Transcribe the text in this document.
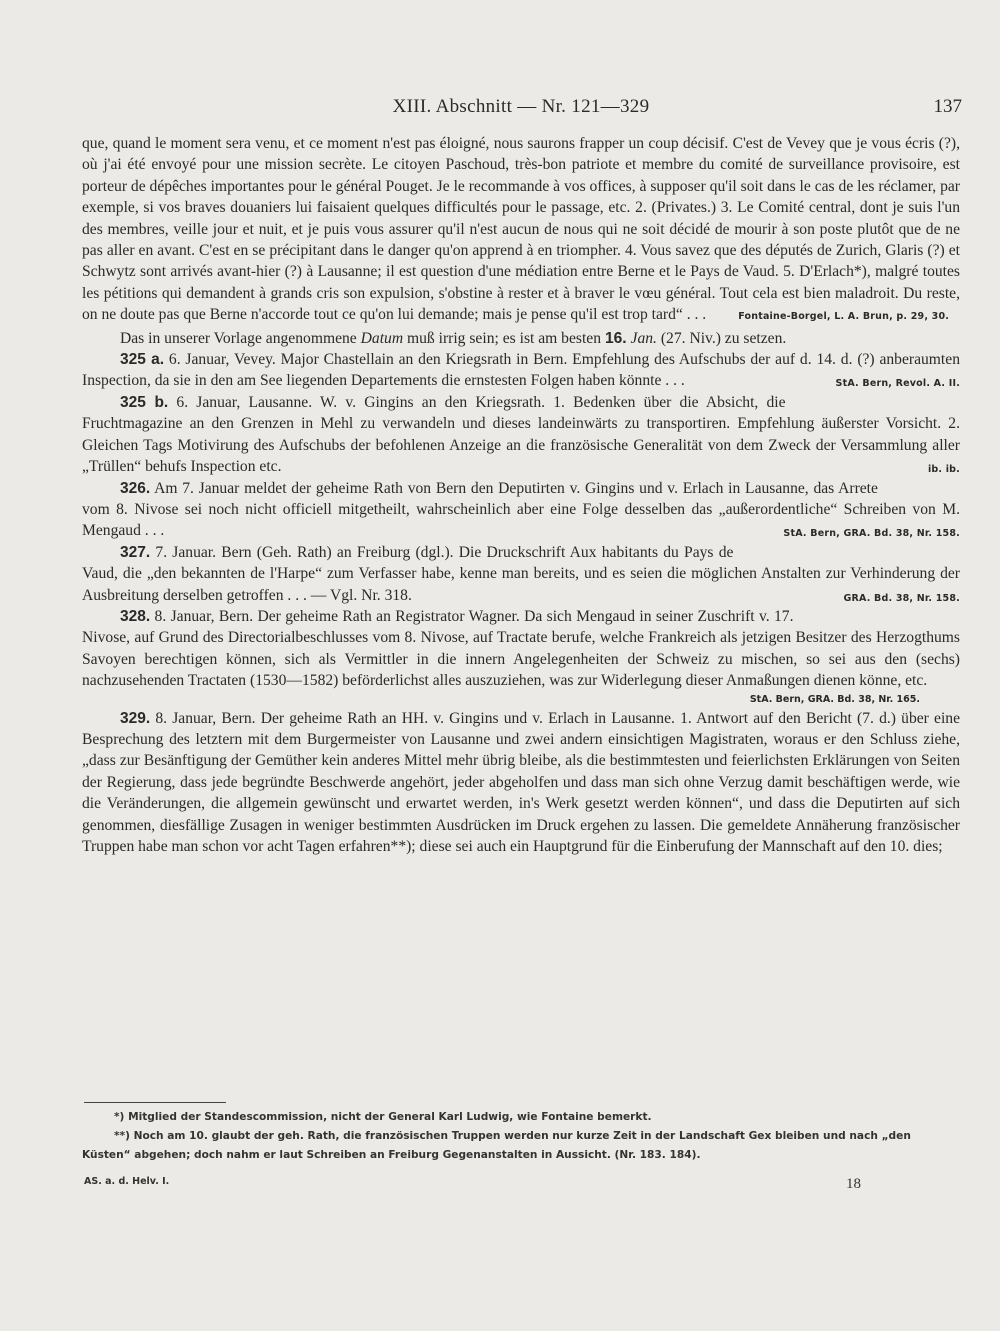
XIII. Abschnitt — Nr. 121—329	137

que, quand le moment sera venu, et ce moment n'est pas éloigné, nous saurons frapper un coup décisif. C'est de Vevey que je vous écris (?), où j'ai été envoyé pour une mission secrète. Le citoyen Paschoud, très-bon patriote et membre du comité de surveillance provisoire, est porteur de dépêches importantes pour le général Pouget. Je le recommande à vos offices, à supposer qu'il soit dans le cas de les réclamer, par exemple, si vos braves douaniers lui faisaient quelques difficultés pour le passage, etc. 2. (Privates.) 3. Le Comité central, dont je suis l'un des membres, veille jour et nuit, et je puis vous assurer qu'il n'est aucun de nous qui ne soit décidé de mourir à son poste plutôt que de ne pas aller en avant. C'est en se précipitant dans le danger qu'on apprend à en triompher. 4. Vous savez que des députés de Zurich, Glaris (?) et Schwytz sont arrivés avant-hier (?) à Lausanne; il est question d'une médiation entre Berne et le Pays de Vaud. 5. D'Erlach*), malgré toutes les pétitions qui demandent à grands cris son expulsion, s'obstine à rester et à braver le vœu général. Tout cela est bien maladroit. Du reste, on ne doute pas que Berne n'accorde tout ce qu'on lui demande; mais je pense qu'il est trop tard“ . . .	Fontaine-Borgel, L. A. Brun, p. 29, 30.

Das in unserer Vorlage angenommene Datum muß irrig sein; es ist am besten 16. Jan. (27. Niv.) zu setzen.

325 a. 6. Januar, Vevey. Major Chastellain an den Kriegsrath in Bern. Empfehlung des Aufschubs der auf d. 14. d. (?) anberaumten Inspection, da sie in den am See liegenden Departements die ernstesten Folgen haben könnte . . .	StA. Bern, Revol. A. II.

325 b. 6. Januar, Lausanne. W. v. Gingins an den Kriegsrath. 1. Bedenken über die Absicht, die Fruchtmagazine an den Grenzen in Mehl zu verwandeln und dieses landeinwärts zu transportiren. Empfehlung äußerster Vorsicht. 2. Gleichen Tags Motivirung des Aufschubs der befohlenen Anzeige an die französische Generalität von dem Zweck der Versammlung aller „Trüllen“ behufs Inspection etc.	ib. ib.

326. Am 7. Januar meldet der geheime Rath von Bern den Deputirten v. Gingins und v. Erlach in Lausanne, das Arrete vom 8. Nivose sei noch nicht officiell mitgetheilt, wahrscheinlich aber eine Folge desselben das „außerordentliche“ Schreiben von M. Mengaud . . .	StA. Bern, GRA. Bd. 38, Nr. 158.

327. 7. Januar. Bern (Geh. Rath) an Freiburg (dgl.). Die Druckschrift Aux habitants du Pays de Vaud, die „den bekannten de l'Harpe“ zum Verfasser habe, kenne man bereits, und es seien die möglichen Anstalten zur Verhinderung der Ausbreitung derselben getroffen . . . — Vgl. Nr. 318.	GRA. Bd. 38, Nr. 158.

328. 8. Januar, Bern. Der geheime Rath an Registrator Wagner. Da sich Mengaud in seiner Zuschrift v. 17. Nivose, auf Grund des Directorialbeschlusses vom 8. Nivose, auf Tractate berufe, welche Frankreich als jetzigen Besitzer des Herzogthums Savoyen berechtigen können, sich als Vermittler in die innern Angelegenheiten der Schweiz zu mischen, so sei aus den (sechs) nachzusehenden Tractaten (1530—1582) beförderlichst alles auszuziehen, was zur Widerlegung dieser Anmaßungen dienen könne, etc.

StA. Bern, GRA. Bd. 38, Nr. 165.

329. 8. Januar, Bern. Der geheime Rath an HH. v. Gingins und v. Erlach in Lausanne. 1. Antwort auf den Bericht (7. d.) über eine Besprechung des letztern mit dem Burgermeister von Lausanne und zwei andern einsichtigen Magistraten, woraus er den Schluss ziehe, „dass zur Besänftigung der Gemüther kein anderes Mittel mehr übrig bleibe, als die bestimmtesten und feierlichsten Erklärungen von Seiten der Regierung, dass jede begründte Beschwerde angehört, jeder abgeholfen und dass man sich ohne Verzug damit beschäftigen werde, wie die Veränderungen, die allgemein gewünscht und erwartet werden, in's Werk gesetzt werden können“, und dass die Deputirten auf sich genommen, diesfällige Zusagen in weniger bestimmten Ausdrücken im Druck ergehen zu lassen. Die gemeldete Annäherung französischer Truppen habe man schon vor acht Tagen erfahren**); diese sei auch ein Hauptgrund für die Einberufung der Mannschaft auf den 10. dies;

*) Mitglied der Standescommission, nicht der General Karl Ludwig, wie Fontaine bemerkt.

**) Noch am 10. glaubt der geh. Rath, die französischen Truppen werden nur kurze Zeit in der Landschaft Gex bleiben und nach „den Küsten“ abgehen; doch nahm er laut Schreiben an Freiburg Gegenanstalten in Aussicht. (Nr. 183. 184).

AS. a. d. Helv. I.	18
